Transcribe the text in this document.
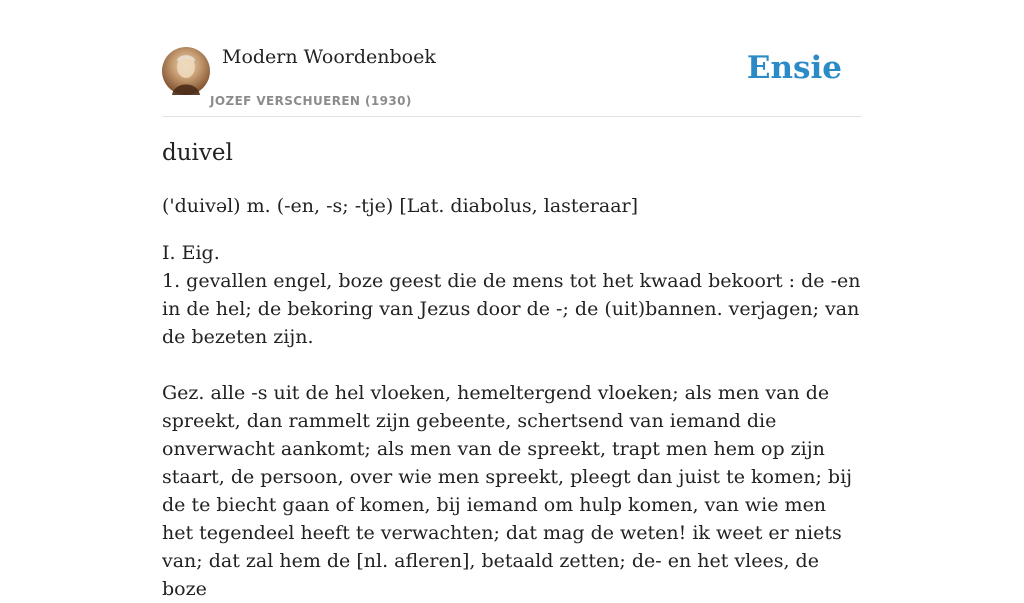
Modern Woordenboek
JOZEF VERSCHUEREN (1930)
Ensie
duivel
('duivəl) m. (-en, -s; -tje) [Lat. diabolus, lasteraar]

I. Eig.

1. gevallen engel, boze geest die de mens tot het kwaad bekoort : de -en in de hel; de bekoring van Jezus door de -; de (uit)bannen. verjagen; van de bezeten zijn.

Gez. alle -s uit de hel vloeken, hemeltergend vloeken; als men van de spreekt, dan rammelt zijn gebeente, schertsend van iemand die onverwacht aankomt; als men van de spreekt, trapt men hem op zijn staart, de persoon, over wie men spreekt, pleegt dan juist te komen; bij de te biecht gaan of komen, bij iemand om hulp komen, van wie men het tegendeel heeft te verwachten; dat mag de weten! ik weet er niets van; dat zal hem de [nl. afleren], betaald zetten; de- en het vlees, de boze
